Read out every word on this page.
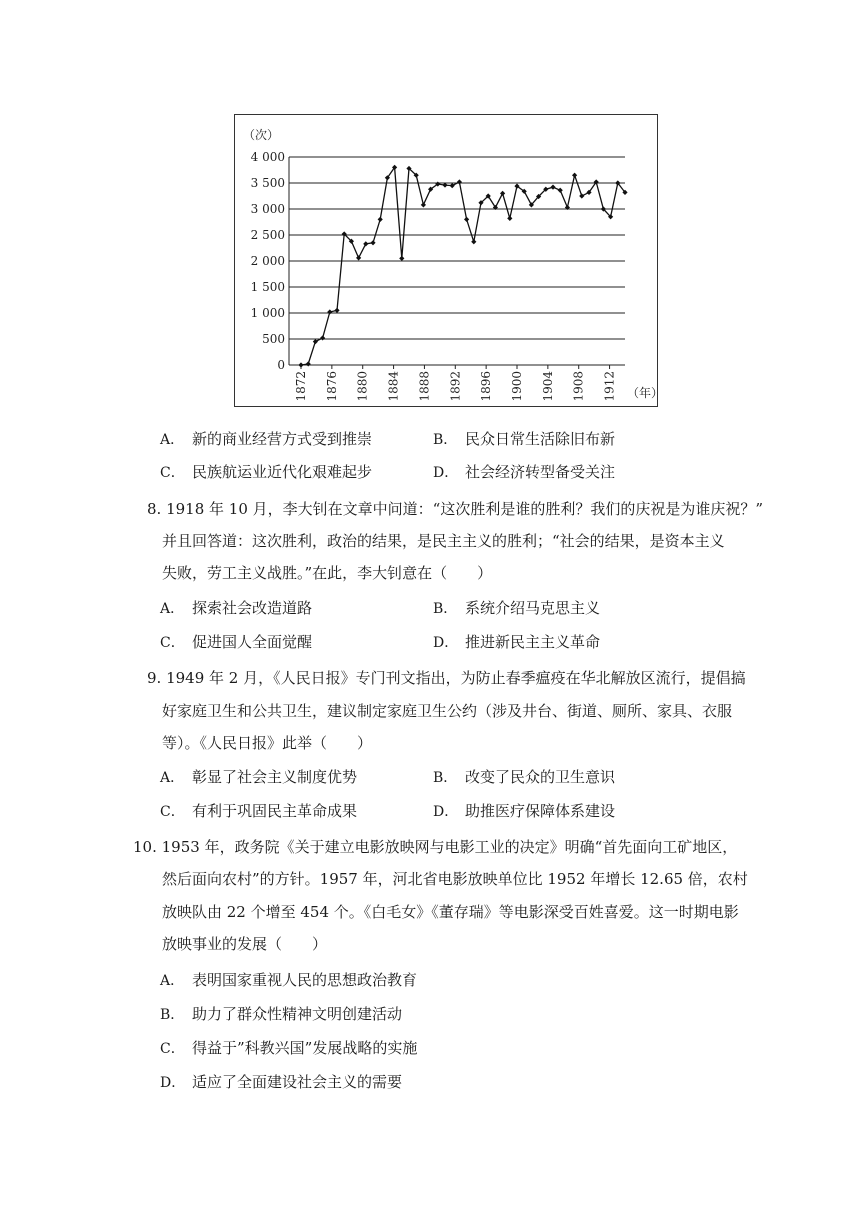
4 000
3 500
3 000
2 500
2 000
1 500
1 000
500
0
（次）
1872 1876 1880 1884 1888 1892 1896 1900 1904 1908 1912 （年）
A． 新的商业经营方式受到推崇	B． 民众日常生活除旧布新
C． 民族航运业近代化艰难起步	D． 社会经济转型备受关注
8. 1918 年 10 月，李大钊在文章中问道：“这次胜利是谁的胜利？我们的庆祝是为谁庆祝？”
并且回答道：这次胜利，政治的结果，是民主主义的胜利；“社会的结果，是资本主义
失败，劳工主义战胜。”在此，李大钊意在（　　）
A． 探索社会改造道路	B． 系统介绍马克思主义
C． 促进国人全面觉醒	D． 推进新民主主义革命
9. 1949 年 2 月，《人民日报》专门刊文指出，为防止春季瘟疫在华北解放区流行，提倡搞
好家庭卫生和公共卫生，建议制定家庭卫生公约（涉及井台、街道、厕所、家具、衣服
等）。《人民日报》此举（　　）
A． 彰显了社会主义制度优势	B． 改变了民众的卫生意识
C． 有利于巩固民主革命成果	D． 助推医疗保障体系建设
10. 1953 年，政务院《关于建立电影放映网与电影工业的决定》明确“首先面向工矿地区，
然后面向农村”的方针。1957 年，河北省电影放映单位比 1952 年增长 12.65 倍，农村
放映队由 22 个增至 454 个。《白毛女》《董存瑞》等电影深受百姓喜爱。这一时期电影
放映事业的发展（　　）
A． 表明国家重视人民的思想政治教育
B． 助力了群众性精神文明创建活动
C． 得益于”科教兴国”发展战略的实施
D． 适应了全面建设社会主义的需要
